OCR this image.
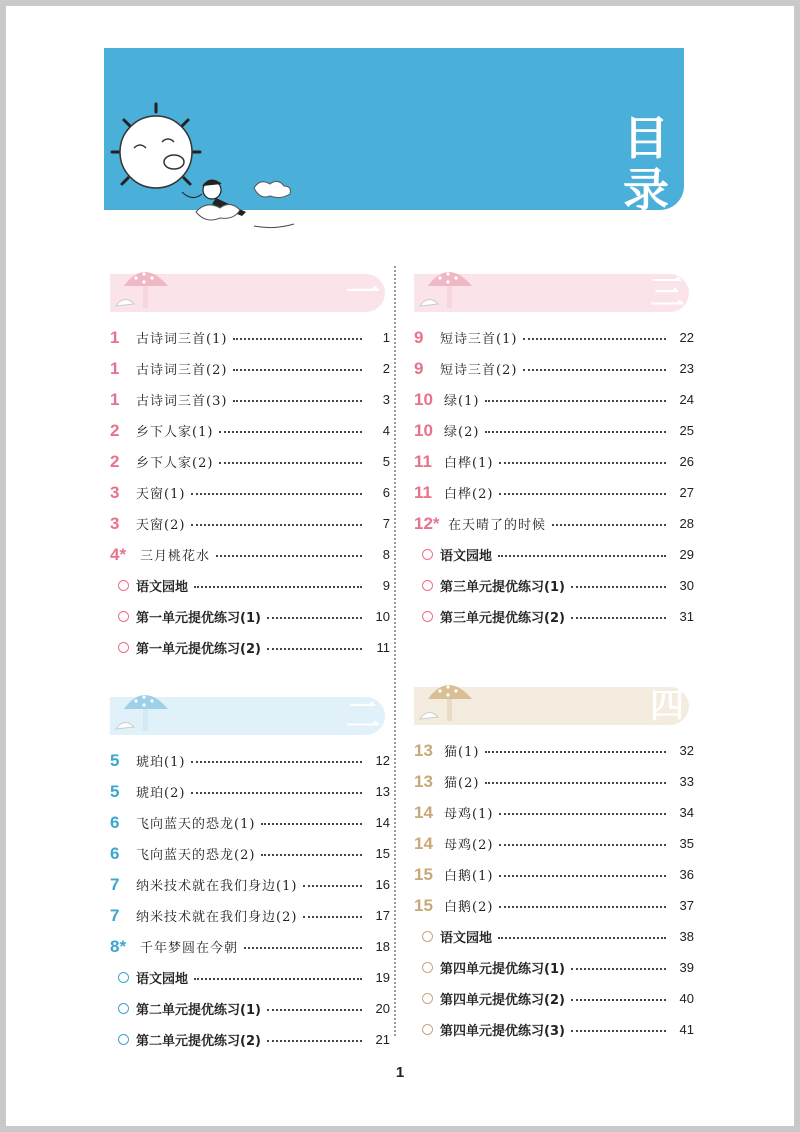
目录
一
1	古诗词三首(1)	1
1	古诗词三首(2)	2
1	古诗词三首(3)	3
2	乡下人家(1)	4
2	乡下人家(2)	5
3	天窗(1)	6
3	天窗(2)	7
4*	三月桃花水	8
语文园地	9
第一单元提优练习(1)	10
第一单元提优练习(2)	11
二
5	琥珀(1)	12
5	琥珀(2)	13
6	飞向蓝天的恐龙(1)	14
6	飞向蓝天的恐龙(2)	15
7	纳米技术就在我们身边(1)	16
7	纳米技术就在我们身边(2)	17
8*	千年梦圆在今朝	18
语文园地	19
第二单元提优练习(1)	20
第二单元提优练习(2)	21
三
9	短诗三首(1)	22
9	短诗三首(2)	23
10 绿(1)	24
10 绿(2)	25
11 白桦(1)	26
11 白桦(2)	27
12* 在天晴了的时候	28
语文园地	29
第三单元提优练习(1)	30
第三单元提优练习(2)	31
四
13 猫(1)	32
13 猫(2)	33
14 母鸡(1)	34
14 母鸡(2)	35
15 白鹅(1)	36
15 白鹅(2)	37
语文园地	38
第四单元提优练习(1)	39
第四单元提优练习(2)	40
第四单元提优练习(3)	41
1
